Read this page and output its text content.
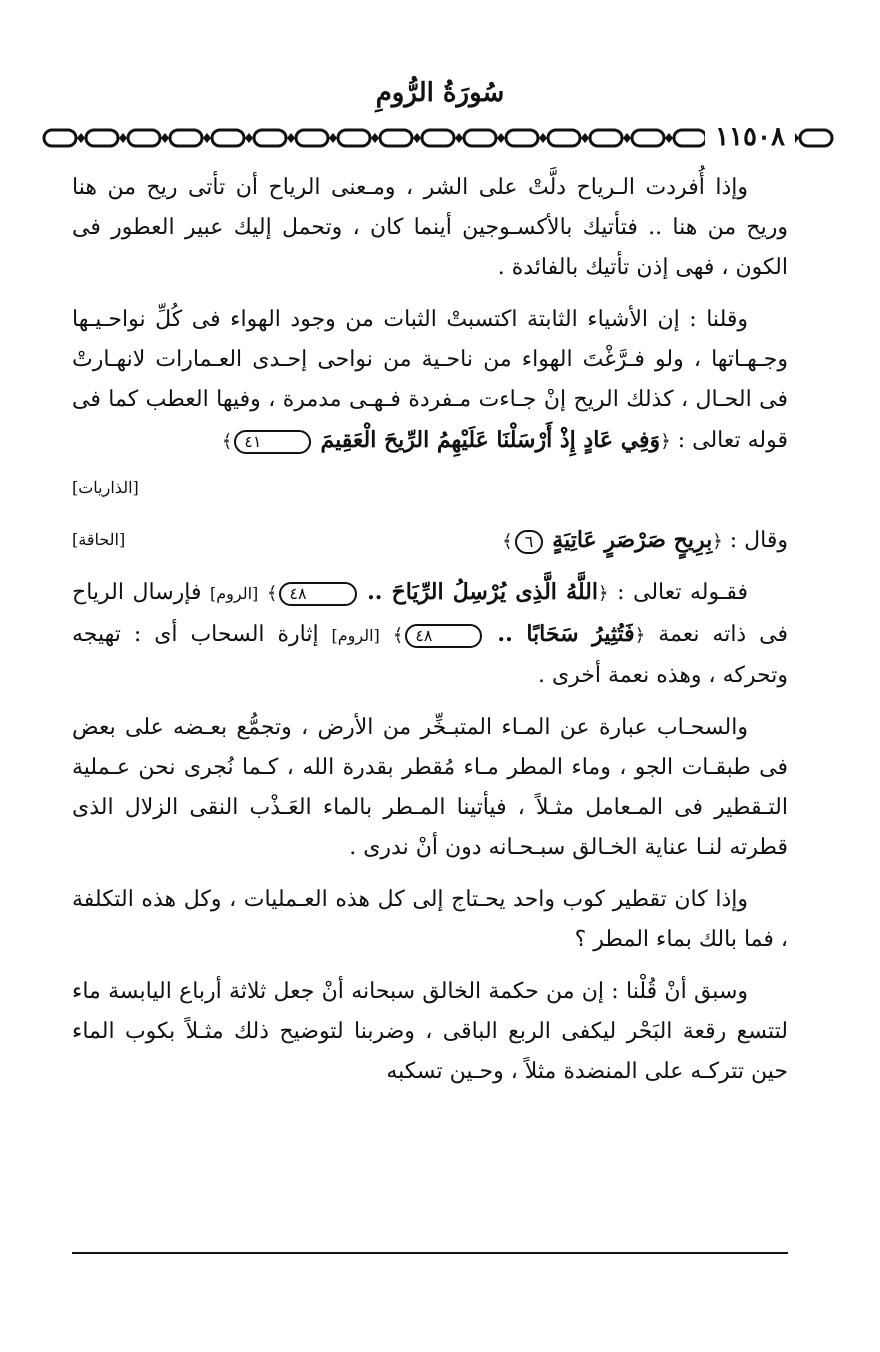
سُورَةُ الرُّومِ
١١٥٠٨

وإذا أُفردت الـرياح دلَّتْ على الشر ، ومـعنى الرياح أن تأتى ريح من هنا وريح من هنا .. فتأتيك بالأكسـوجين أينما كان ، وتحمل إليك عبير العطور فى الكون ، فهى إذن تأتيك بالفائدة .

وقلنا : إن الأشياء الثابتة اكتسبتْ الثبات من وجود الهواء فى كُلِّ نواحـيـها وجـهـاتها ، ولو فـرَّغْتَ الهواء من ناحـية من نواحى إحـدى العـمارات لانهـارتْ فى الحـال ، كذلك الريح إنْ جـاءت مـفردة فـهـى مدمرة ، وفيها العطب كما فى قوله تعالى : ﴿وَفِي عَادٍ إِذْ أَرْسَلْنَا عَلَيْهِمُ الرِّيحَ الْعَقِيمَ ٤١﴾

[الذاريات]
وقال : ﴿بِرِيحٍ صَرْصَرٍ عَاتِيَةٍ ٦﴾
[الحاقة]

فقـوله تعالى : ﴿اللَّهُ الَّذِى يُرْسِلُ الرِّيَاحَ .. ٤٨﴾ [الروم] فإرسال الرياح فى ذاته نعمة ﴿فَتُثِيرُ سَحَابًا .. ٤٨﴾ [الروم] إثارة السحاب أى : تهيجه وتحركه ، وهذه نعمة أخرى .

والسحـاب عبارة عن المـاء المتبـخِّر من الأرض ، وتجمُّع بعـضه على بعض فى طبقـات الجو ، وماء المطر مـاء مُقطر بقدرة الله ، كـما نُجرى نحن عـملية التـقطير فى المـعامل مثـلاً ، فيأتينا المـطر بالماء العَـذْب النقى الزلال الذى قطرته لنـا عناية الخـالق سبـحـانه دون أنْ ندرى .

وإذا كان تقطير كوب واحد يحـتاج إلى كل هذه العـمليات ، وكل هذه التكلفة ، فما بالك بماء المطر ؟

وسبق أنْ قُلْنا : إن من حكمة الخالق سبحانه أنْ جعل ثلاثة أرباع اليابسة ماء لتتسع رقعة البَحْر ليكفى الربع الباقى ، وضربنا لتوضيح ذلك مثـلاً بكوب الماء حين تتركـه على المنضدة مثلاً ، وحـين تسكبه
